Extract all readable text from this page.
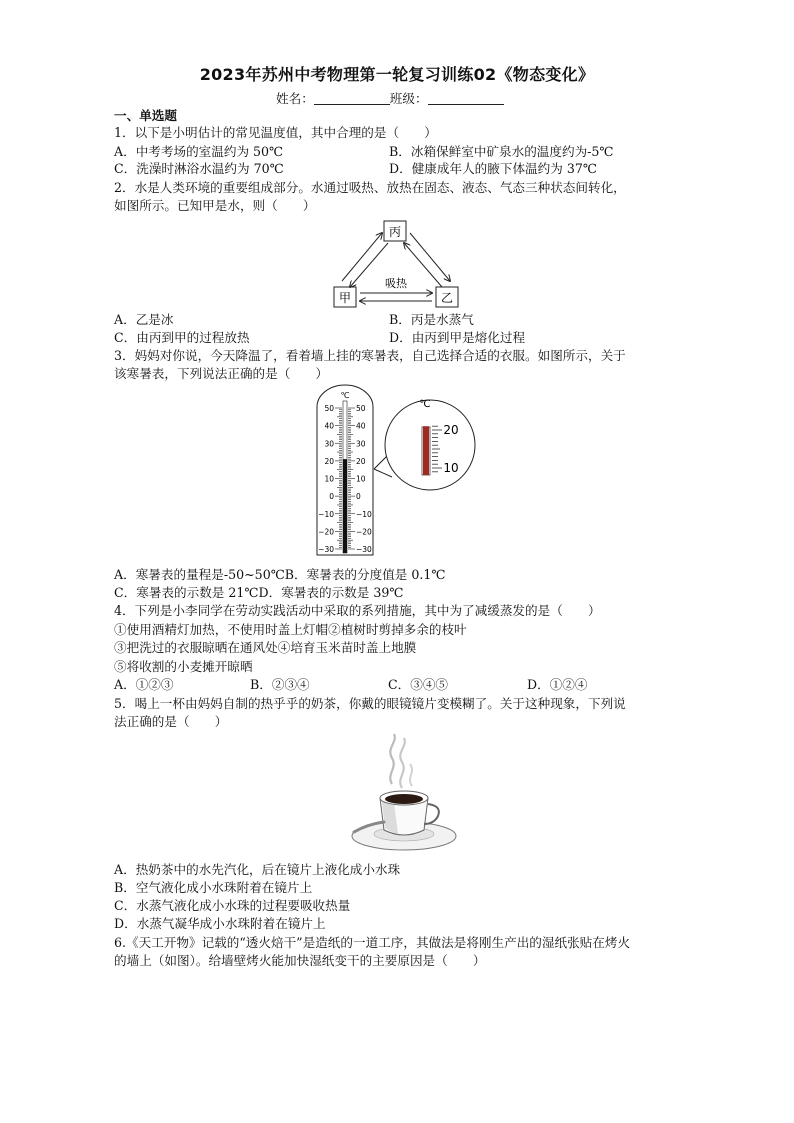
2023年苏州中考物理第一轮复习训练02《物态变化》
姓名：	班级：
一、单选题
1．以下是小明估计的常见温度值，其中合理的是（　　）
A．中考考场的室温约为 50℃	B．冰箱保鲜室中矿泉水的温度约为-5℃
C．洗澡时淋浴水温约为 70℃	D．健康成年人的腋下体温约为 37℃
2．水是人类环境的重要组成部分。水通过吸热、放热在固态、液态、气态三种状态间转化，
如图所示。已知甲是水，则（　　）
丙
甲	乙
吸热
A．乙是冰	B．丙是水蒸气
C．由丙到甲的过程放热	D．由丙到甲是熔化过程
3．妈妈对你说，今天降温了，看着墙上挂的寒暑表，自己选择合适的衣服。如图所示，关于
该寒暑表，下列说法正确的是（　　）
℃
50
40
30
20
10
0
−10
−20
−30
50
40
30
20
10
0
−10
−20
−30
℃
20
10
A．寒暑表的量程是-50~50℃B．寒暑表的分度值是 0.1℃
C．寒暑表的示数是 21℃D．寒暑表的示数是 39℃
4．下列是小李同学在劳动实践活动中采取的系列措施，其中为了减缓蒸发的是（　　）
①使用酒精灯加热，不使用时盖上灯帽②植树时剪掉多余的枝叶
③把洗过的衣服晾晒在通风处④培育玉米苗时盖上地膜
⑤将收割的小麦摊开晾晒
A．①②③	B．②③④	C．③④⑤	D．①②④
5．喝上一杯由妈妈自制的热乎乎的奶茶，你戴的眼镜镜片变模糊了。关于这种现象，下列说
法正确的是（　　）
A．热奶茶中的水先汽化，后在镜片上液化成小水珠
B．空气液化成小水珠附着在镜片上
C．水蒸气液化成小水珠的过程要吸收热量
D．水蒸气凝华成小水珠附着在镜片上
6.《天工开物》记载的“透火焙干”是造纸的一道工序，其做法是将刚生产出的湿纸张贴在烤火
的墙上（如图）。给墙壁烤火能加快湿纸变干的主要原因是（　　）
